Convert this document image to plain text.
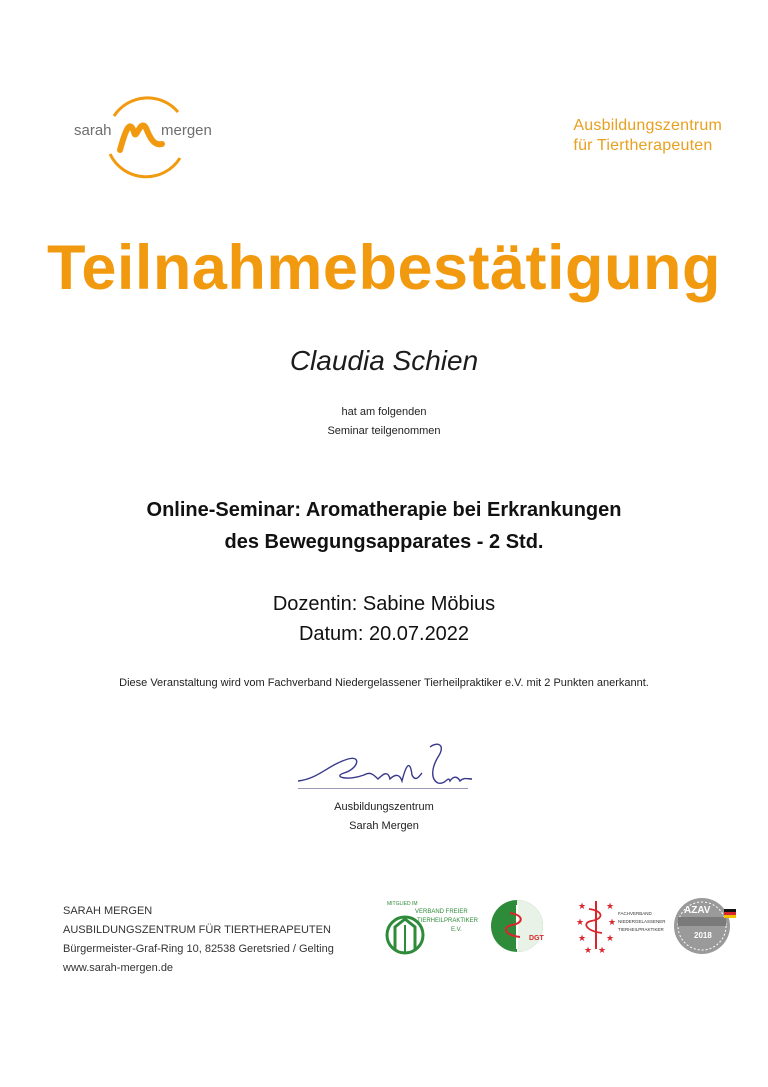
sarah	mergen	Ausbildungszentrum
für Tiertherapeuten
Teilnahmebestätigung
Claudia Schien
hat am folgenden
Seminar teilgenommen
Online-Seminar: Aromatherapie bei Erkrankungen
des Bewegungsapparates - 2 Std.
Dozentin: Sabine Möbius
Datum: 20.07.2022
Diese Veranstaltung wird vom Fachverband Niedergelassener Tierheilpraktiker e.V. mit 2 Punkten anerkannt.
Ausbildungszentrum
Sarah Mergen
SARAH MERGEN
AUSBILDUNGSZENTRUM FÜR TIERTHERAPEUTEN
Bürgermeister-Graf-Ring 10, 82538 Geretsried / Gelting
www.sarah-mergen.de
MITGLIED IM
VERBAND FREIER
TIERHEILPRAKTIKER
E.V.
DGT
★
★
★
★ ★
★
★
★
FACHVERBAND
NIEDERGELASSENER
TIERHEILPRAKTIKER
AZAV
2018
